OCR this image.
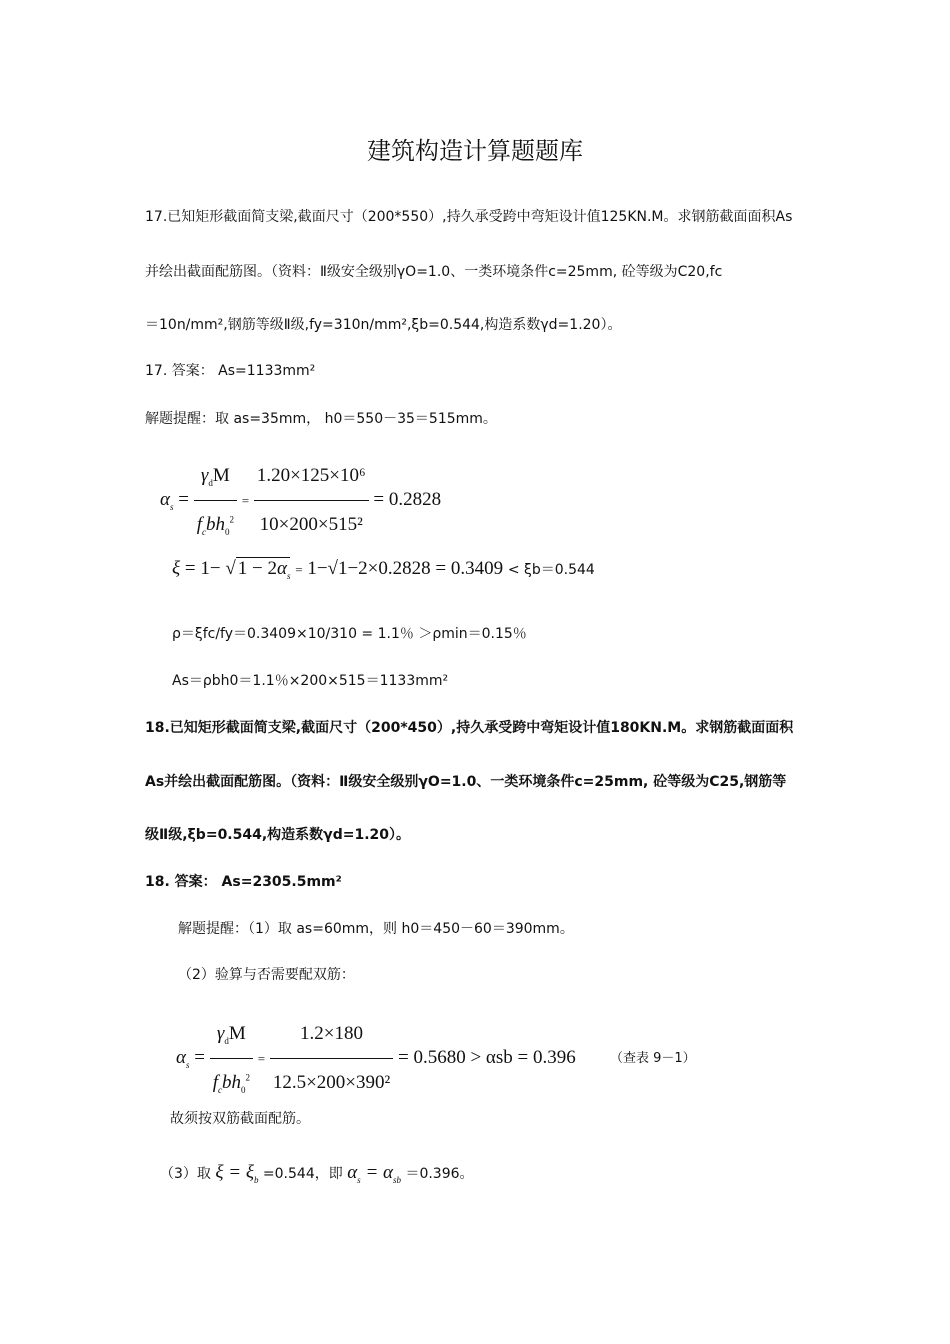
建筑构造计算题题库
17.已知矩形截面简支梁,截面尺寸（200*550）,持久承受跨中弯矩设计值125KN.M。求钢筋截面面积As
并绘出截面配筋图。（资料：Ⅱ级安全级别γO=1.0、一类环境条件c=25mm, 砼等级为C20,fc
＝10n/mm²,钢筋等级Ⅱ级,fy=310n/mm²,ξb=0.544,构造系数γd=1.20）。
17. 答案： As=1133mm²
解题提醒：取 as=35mm， h0＝550－35＝515mm。
$\alpha_s = \frac{\gamma_dM}{f_cbh_0^2} = \frac{\text{1.20×125×10⁶}}{\text{10×200×515²}} = 0.2828$
ξ = 1− √ $1 - 2\alpha_s = 1-√1-2\times 0.2828 = 0.3409 < \xi b=0.544$
ρ＝ξfc/fy＝0.3409×10/310 = 1.1％ ＞ρmin＝0.15％
As＝ρbh0＝1.1％×200×515＝1133mm²
18.已知矩形截面简支梁,截面尺寸（200*450）,持久承受跨中弯矩设计值180KN.M。求钢筋截面面积
As并绘出截面配筋图。（资料：Ⅱ级安全级别γO=1.0、一类环境条件c=25mm, 砼等级为C25,钢筋等
级Ⅱ级,ξb=0.544,构造系数γd=1.20）。
18. 答案： As=2305.5mm²
解题提醒：（1）取 as=60mm，则 h0＝450－60＝390mm。
（2）验算与否需要配双筋：
$\alpha_s = \frac{\gamma_dM}{f_cbh_0^2} = \frac{1.2\times 180}{\text{12.5×200×390²}} = 0.5680 > \alpha sb = 0.396$	（查表 9－1）
故须按双筋截面配筋。
（3）取 $\xi = \xi_b =0.544$，即 $\alpha_s = \alpha_{sb} =0.396$。
